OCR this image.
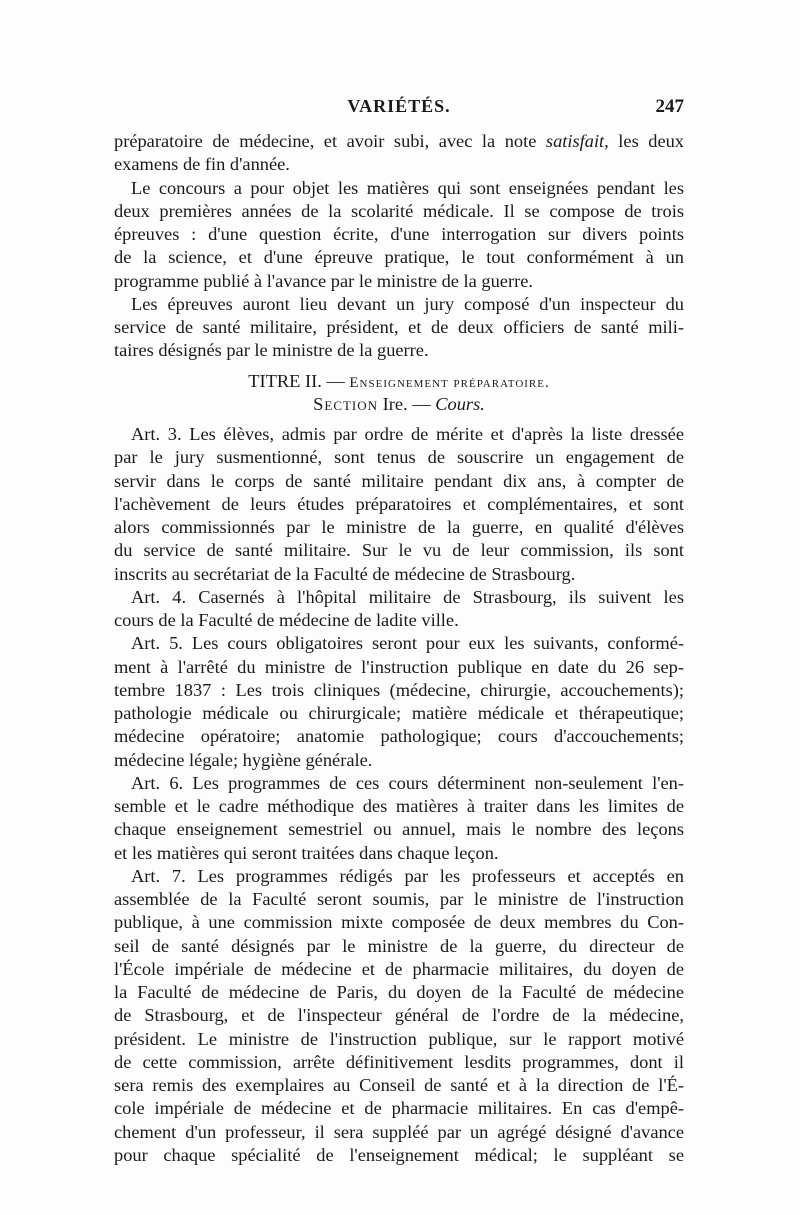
VARIÉTÉS.	247
préparatoire de médecine, et avoir subi, avec la note satisfait, les deux
examens de fin d'année.
Le concours a pour objet les matières qui sont enseignées pendant les
deux premières années de la scolarité médicale. Il se compose de trois
épreuves : d'une question écrite, d'une interrogation sur divers points
de la science, et d'une épreuve pratique, le tout conformément à un
programme publié à l'avance par le ministre de la guerre.
Les épreuves auront lieu devant un jury composé d'un inspecteur du
service de santé militaire, président, et de deux officiers de santé mili-
taires désignés par le ministre de la guerre.
TITRE II. — Enseignement préparatoire.
Section Ire. — Cours.
Art. 3. Les élèves, admis par ordre de mérite et d'après la liste dressée
par le jury susmentionné, sont tenus de souscrire un engagement de
servir dans le corps de santé militaire pendant dix ans, à compter de
l'achèvement de leurs études préparatoires et complémentaires, et sont
alors commissionnés par le ministre de la guerre, en qualité d'élèves
du service de santé militaire. Sur le vu de leur commission, ils sont
inscrits au secrétariat de la Faculté de médecine de Strasbourg.
Art. 4. Casernés à l'hôpital militaire de Strasbourg, ils suivent les
cours de la Faculté de médecine de ladite ville.
Art. 5. Les cours obligatoires seront pour eux les suivants, conformé-
ment à l'arrêté du ministre de l'instruction publique en date du 26 sep-
tembre 1837 : Les trois cliniques (médecine, chirurgie, accouchements);
pathologie médicale ou chirurgicale; matière médicale et thérapeutique;
médecine opératoire; anatomie pathologique; cours d'accouchements;
médecine légale; hygiène générale.
Art. 6. Les programmes de ces cours déterminent non-seulement l'en-
semble et le cadre méthodique des matières à traiter dans les limites de
chaque enseignement semestriel ou annuel, mais le nombre des leçons
et les matières qui seront traitées dans chaque leçon.
Art. 7. Les programmes rédigés par les professeurs et acceptés en
assemblée de la Faculté seront soumis, par le ministre de l'instruction
publique, à une commission mixte composée de deux membres du Con-
seil de santé désignés par le ministre de la guerre, du directeur de
l'École impériale de médecine et de pharmacie militaires, du doyen de
la Faculté de médecine de Paris, du doyen de la Faculté de médecine
de Strasbourg, et de l'inspecteur général de l'ordre de la médecine,
président. Le ministre de l'instruction publique, sur le rapport motivé
de cette commission, arrête définitivement lesdits programmes, dont il
sera remis des exemplaires au Conseil de santé et à la direction de l'É-
cole impériale de médecine et de pharmacie militaires. En cas d'empê-
chement d'un professeur, il sera suppléé par un agrégé désigné d'avance
pour chaque spécialité de l'enseignement médical; le suppléant se
